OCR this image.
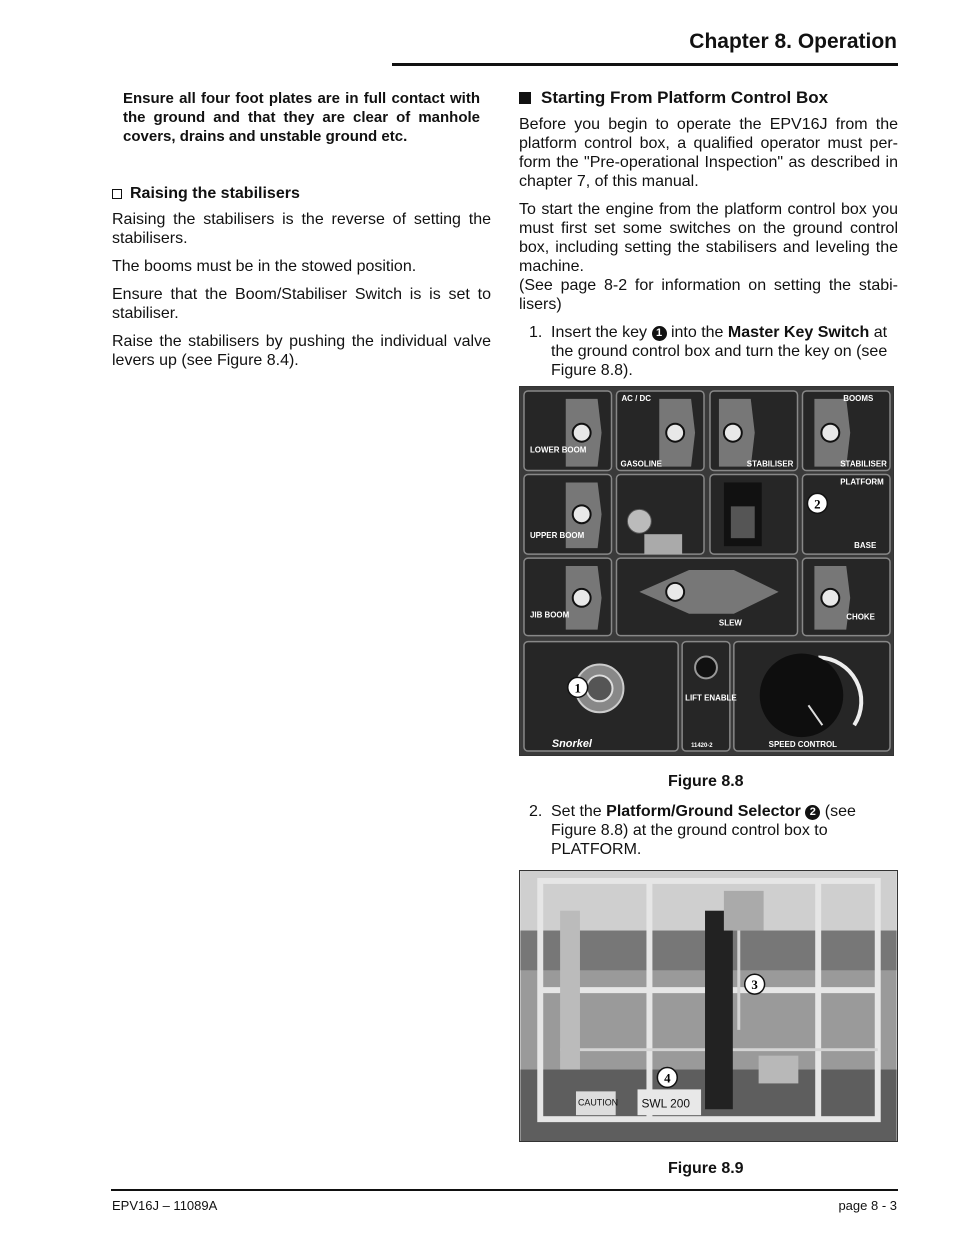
Chapter 8. Operation
Ensure all four foot plates are in full contact with the ground and that they are clear of manhole covers, drains and unstable ground etc.
Raising the stabilisers

Raising the stabilisers is the reverse of setting the stabilisers.

The booms must be in the stowed position.

Ensure that the Boom/Stabiliser Switch is is set to stabiliser.

Raise the stabilisers by pushing the individual valve levers up (see Figure 8.4).

Starting From Platform Control Box

Before you begin to operate the EPV16J from the platform control box, a qualified operator must per-form the "Pre-operational Inspection" as described in chapter 7, of this manual.

To start the engine from the platform control box you must first set some switches on the ground control box, including setting the stabilisers and leveling the machine.

(See page 8-2 for information on setting the stabi-lisers)

1. Insert the key 1 into the Master Key Switch at the ground control box and turn the key on (see Figure 8.8).
LOWER BOOM
AC / DC
GASOLINE	STABILISER
BOOMS
STABILISER
UPPER BOOM
PLATFORM
BASE
JIB BOOM
SLEW
CHOKE
LIFT ENABLE
SPEED CONTROL
Snorkel	11420-2
1
2
Figure 8.8
2. Set the Platform/Ground Selector 2 (see Figure 8.8) at the ground control box to PLATFORM.
CAUTION SWL 200
3
4
Figure 8.9
EPV16J – 11089A	page 8 - 3
